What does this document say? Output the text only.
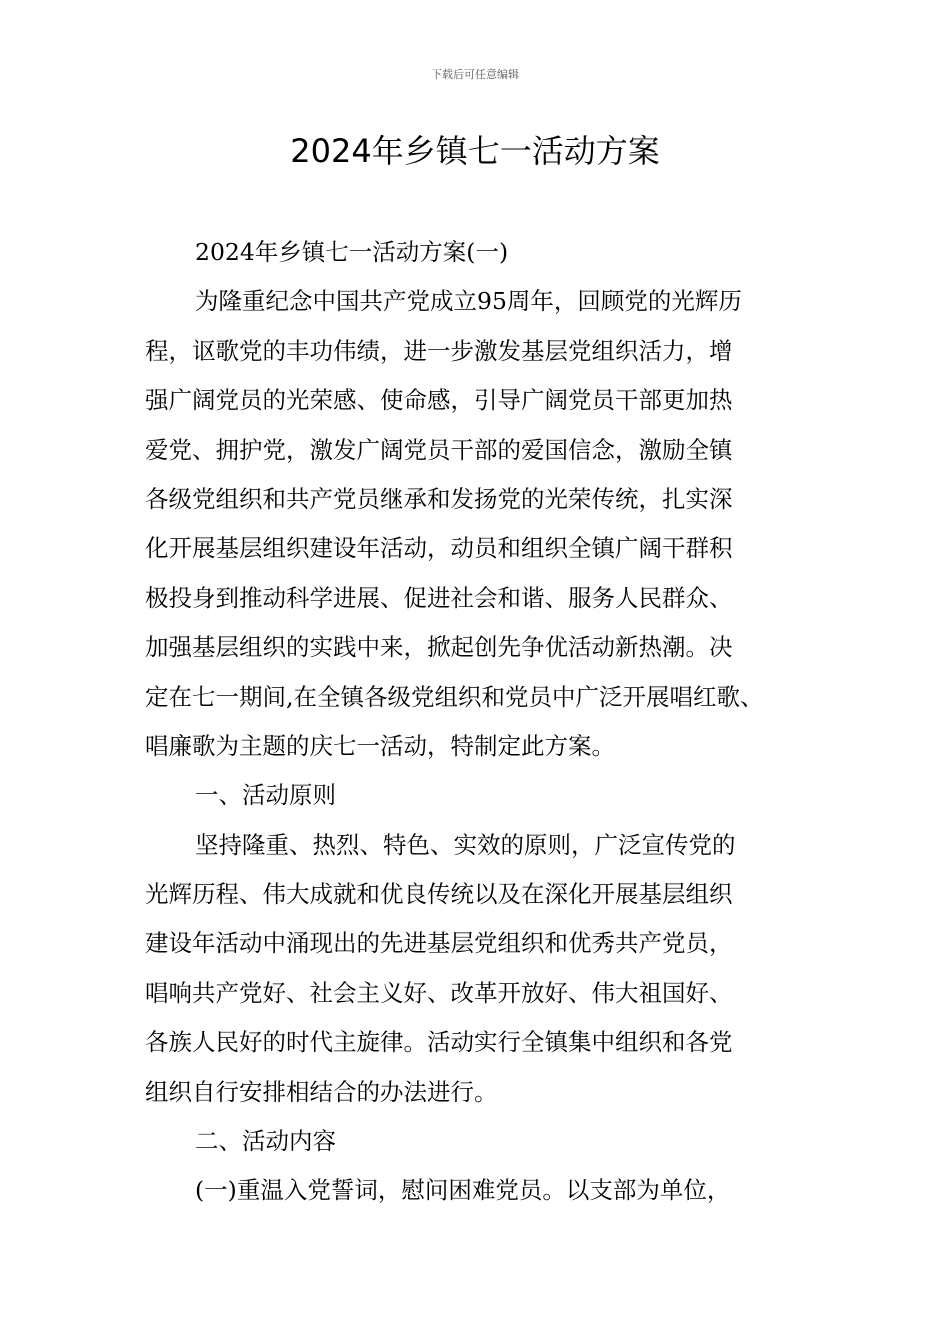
下载后可任意编辑
2024年乡镇七一活动方案
2024年乡镇七一活动方案(一)
为隆重纪念中国共产党成立95周年，回顾党的光辉历
程，讴歌党的丰功伟绩，进一步激发基层党组织活力，增
强广阔党员的光荣感、使命感，引导广阔党员干部更加热
爱党、拥护党，激发广阔党员干部的爱国信念，激励全镇
各级党组织和共产党员继承和发扬党的光荣传统，扎实深
化开展基层组织建设年活动，动员和组织全镇广阔干群积
极投身到推动科学进展、促进社会和谐、服务人民群众、
加强基层组织的实践中来，掀起创先争优活动新热潮。决
定在七一期间,在全镇各级党组织和党员中广泛开展唱红歌、
唱廉歌为主题的庆七一活动，特制定此方案。
一、活动原则
坚持隆重、热烈、特色、实效的原则，广泛宣传党的
光辉历程、伟大成就和优良传统以及在深化开展基层组织
建设年活动中涌现出的先进基层党组织和优秀共产党员，
唱响共产党好、社会主义好、改革开放好、伟大祖国好、
各族人民好的时代主旋律。活动实行全镇集中组织和各党
组织自行安排相结合的办法进行。
二、活动内容
(一)重温入党誓词，慰问困难党员。以支部为单位，
